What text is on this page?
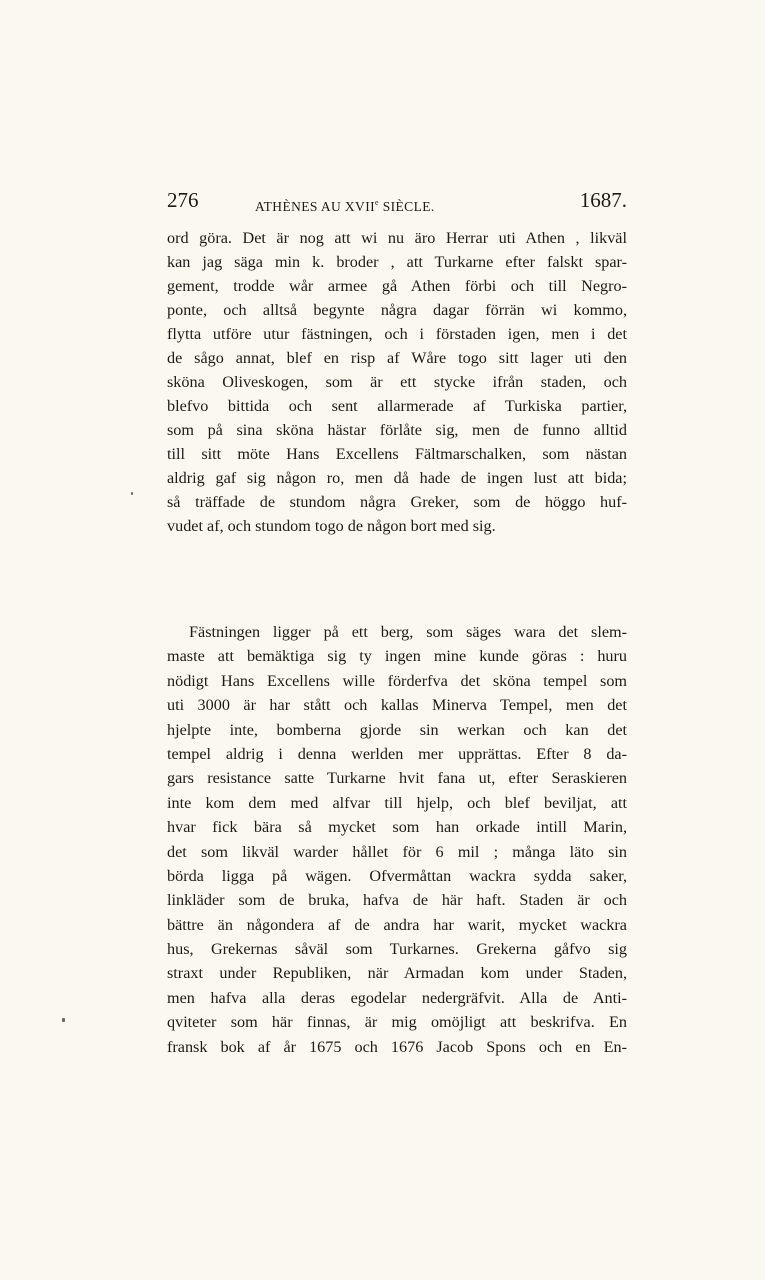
276	ATHÈNES AU XVIIe SIÈCLE.	1687.
ord göra. Det är nog att wi nu äro Herrar uti Athen , likväl
kan jag säga min k. broder , att Turkarne efter falskt spar-
gement, trodde wår armee gå Athen förbi och till Negro-
ponte, och alltså begynte några dagar förrän wi kommo,
flytta utföre utur fästningen, och i förstaden igen, men i det
de sågo annat, blef en risp af Wåre togo sitt lager uti den
sköna Oliveskogen, som är ett stycke ifrån staden, och
blefvo bittida och sent allarmerade af Turkiska partier,
som på sina sköna hästar förlåte sig, men de funno alltid
till sitt möte Hans Excellens Fältmarschalken, som nästan
aldrig gaf sig någon ro, men då hade de ingen lust att bida;
så träffade de stundom några Greker, som de höggo huf-
vudet af, och stundom togo de någon bort med sig.
Fästningen ligger på ett berg, som säges wara det slem-
maste att bemäktiga sig ty ingen mine kunde göras : huru
nödigt Hans Excellens wille förderfva det sköna tempel som
uti 3000 är har stått och kallas Minerva Tempel, men det
hjelpte inte, bomberna gjorde sin werkan och kan det
tempel aldrig i denna werlden mer upprättas. Efter 8 da-
gars resistance satte Turkarne hvit fana ut, efter Seraskieren
inte kom dem med alfvar till hjelp, och blef beviljat, att
hvar fick bära så mycket som han orkade intill Marin,
det som likväl warder hållet för 6 mil ; många läto sin
börda ligga på wägen. Ofvermåttan wackra sydda saker,
linkläder som de bruka, hafva de här haft. Staden är och
bättre än någondera af de andra har warit, mycket wackra
hus, Grekernas såväl som Turkarnes. Grekerna gåfvo sig
straxt under Republiken, när Armadan kom under Staden,
men hafva alla deras egodelar nedergräfvit. Alla de Anti-
qviteter som här finnas, är mig omöjligt att beskrifva. En
fransk bok af år 1675 och 1676 Jacob Spons och en En-
